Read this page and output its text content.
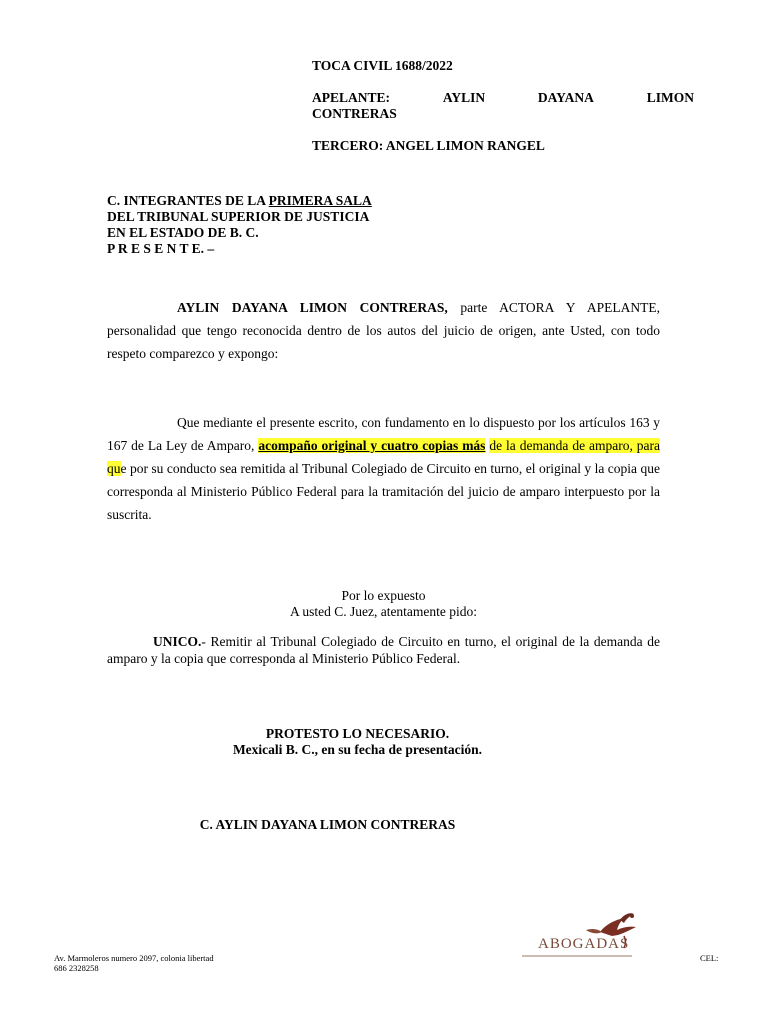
TOCA CIVIL 1688/2022
APELANTE:	AYLIN	DAYANA	LIMON
CONTRERAS
TERCERO: ANGEL LIMON RANGEL
C. INTEGRANTES DE LA PRIMERA SALA
DEL TRIBUNAL SUPERIOR DE JUSTICIA
EN EL ESTADO DE B. C.
P R E S E N T E. –
AYLIN DAYANA LIMON CONTRERAS, parte ACTORA Y APELANTE, personalidad que tengo reconocida dentro de los autos del juicio de origen, ante Usted, con todo respeto comparezco y expongo:
Que mediante el presente escrito, con fundamento en lo dispuesto por los artículos 163 y 167 de La Ley de Amparo, acompaño original y cuatro copias más de la demanda de amparo, para que por su conducto sea remitida al Tribunal Colegiado de Circuito en turno, el original y la copia que corresponda al Ministerio Público Federal para la tramitación del juicio de amparo interpuesto por la suscrita.
Por lo expuesto
A usted C. Juez, atentamente pido:
UNICO.- Remitir al Tribunal Colegiado de Circuito en turno, el original de la demanda de amparo y la copia que corresponda al Ministerio Público Federal.
PROTESTO LO NECESARIO.
Mexicali B. C., en su fecha de presentación.
C. AYLIN DAYANA LIMON CONTRERAS
Av. Marmoleros numero 2097, colonia libertad
686 2328258
ABOGADAS
CEL:
